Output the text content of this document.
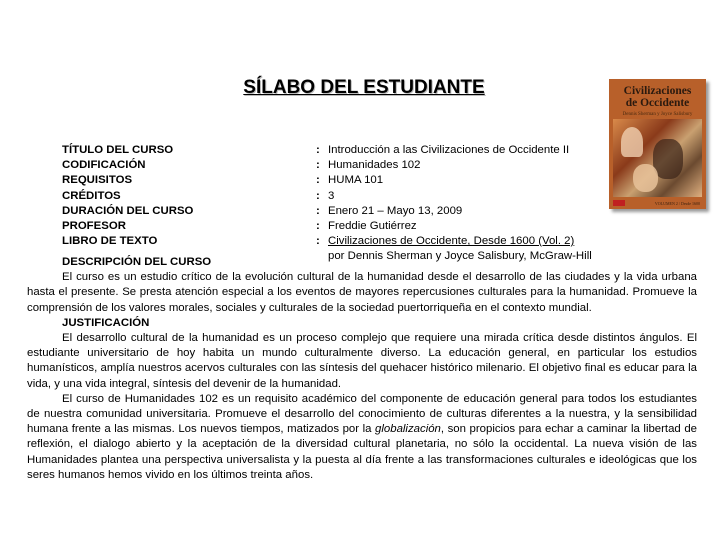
SÍLABO DEL ESTUDIANTE	Civilizaciones
de Occidente
Dennis Sherman y Joyce Salisbury
VOLUMEN 2 / Desde 1600
TÍTULO DEL CURSO	: Introducción a las Civilizaciones de Occidente II
CODIFICACIÓN	: Humanidades 102
REQUISITOS	: HUMA 101
CRÉDITOS	: 3
DURACIÓN DEL CURSO	: Enero 21 – Mayo 13, 2009
PROFESOR	: Freddie Gutiérrez
LIBRO DE TEXTO	: Civilizaciones de Occidente, Desde 1600 (Vol. 2)
por Dennis Sherman y Joyce Salisbury, McGraw-Hill
DESCRIPCIÓN DEL CURSO

El curso es un estudio crítico de la evolución cultural de la humanidad desde el desarrollo de las ciudades y la vida urbana hasta el presente. Se presta atención especial a los eventos de mayores repercusiones culturales para la humanidad. Promueve la comprensión de los valores morales, sociales y culturales de la sociedad puertorriqueña en el contexto mundial.

JUSTIFICACIÓN

El desarrollo cultural de la humanidad es un proceso complejo que requiere una mirada crítica desde distintos ángulos. El estudiante universitario de hoy habita un mundo culturalmente diverso. La educación general, en particular los estudios humanísticos, amplía nuestros acervos culturales con las síntesis del quehacer histórico milenario. El objetivo final es educar para la vida, y una vida integral, síntesis del devenir de la humanidad.

El curso de Humanidades 102 es un requisito académico del componente de educación general para todos los estudiantes de nuestra comunidad universitaria. Promueve el desarrollo del conocimiento de culturas diferentes a la nuestra, y la sensibilidad humana frente a las mismas. Los nuevos tiempos, matizados por la globalización, son propicios para echar a caminar la libertad de reflexión, el dialogo abierto y la aceptación de la diversidad cultural planetaria, no sólo la occidental. La nueva visión de las Humanidades plantea una perspectiva universalista y la puesta al día frente a las transformaciones culturales e ideológicas que los seres humanos hemos vivido en los últimos treinta años.
